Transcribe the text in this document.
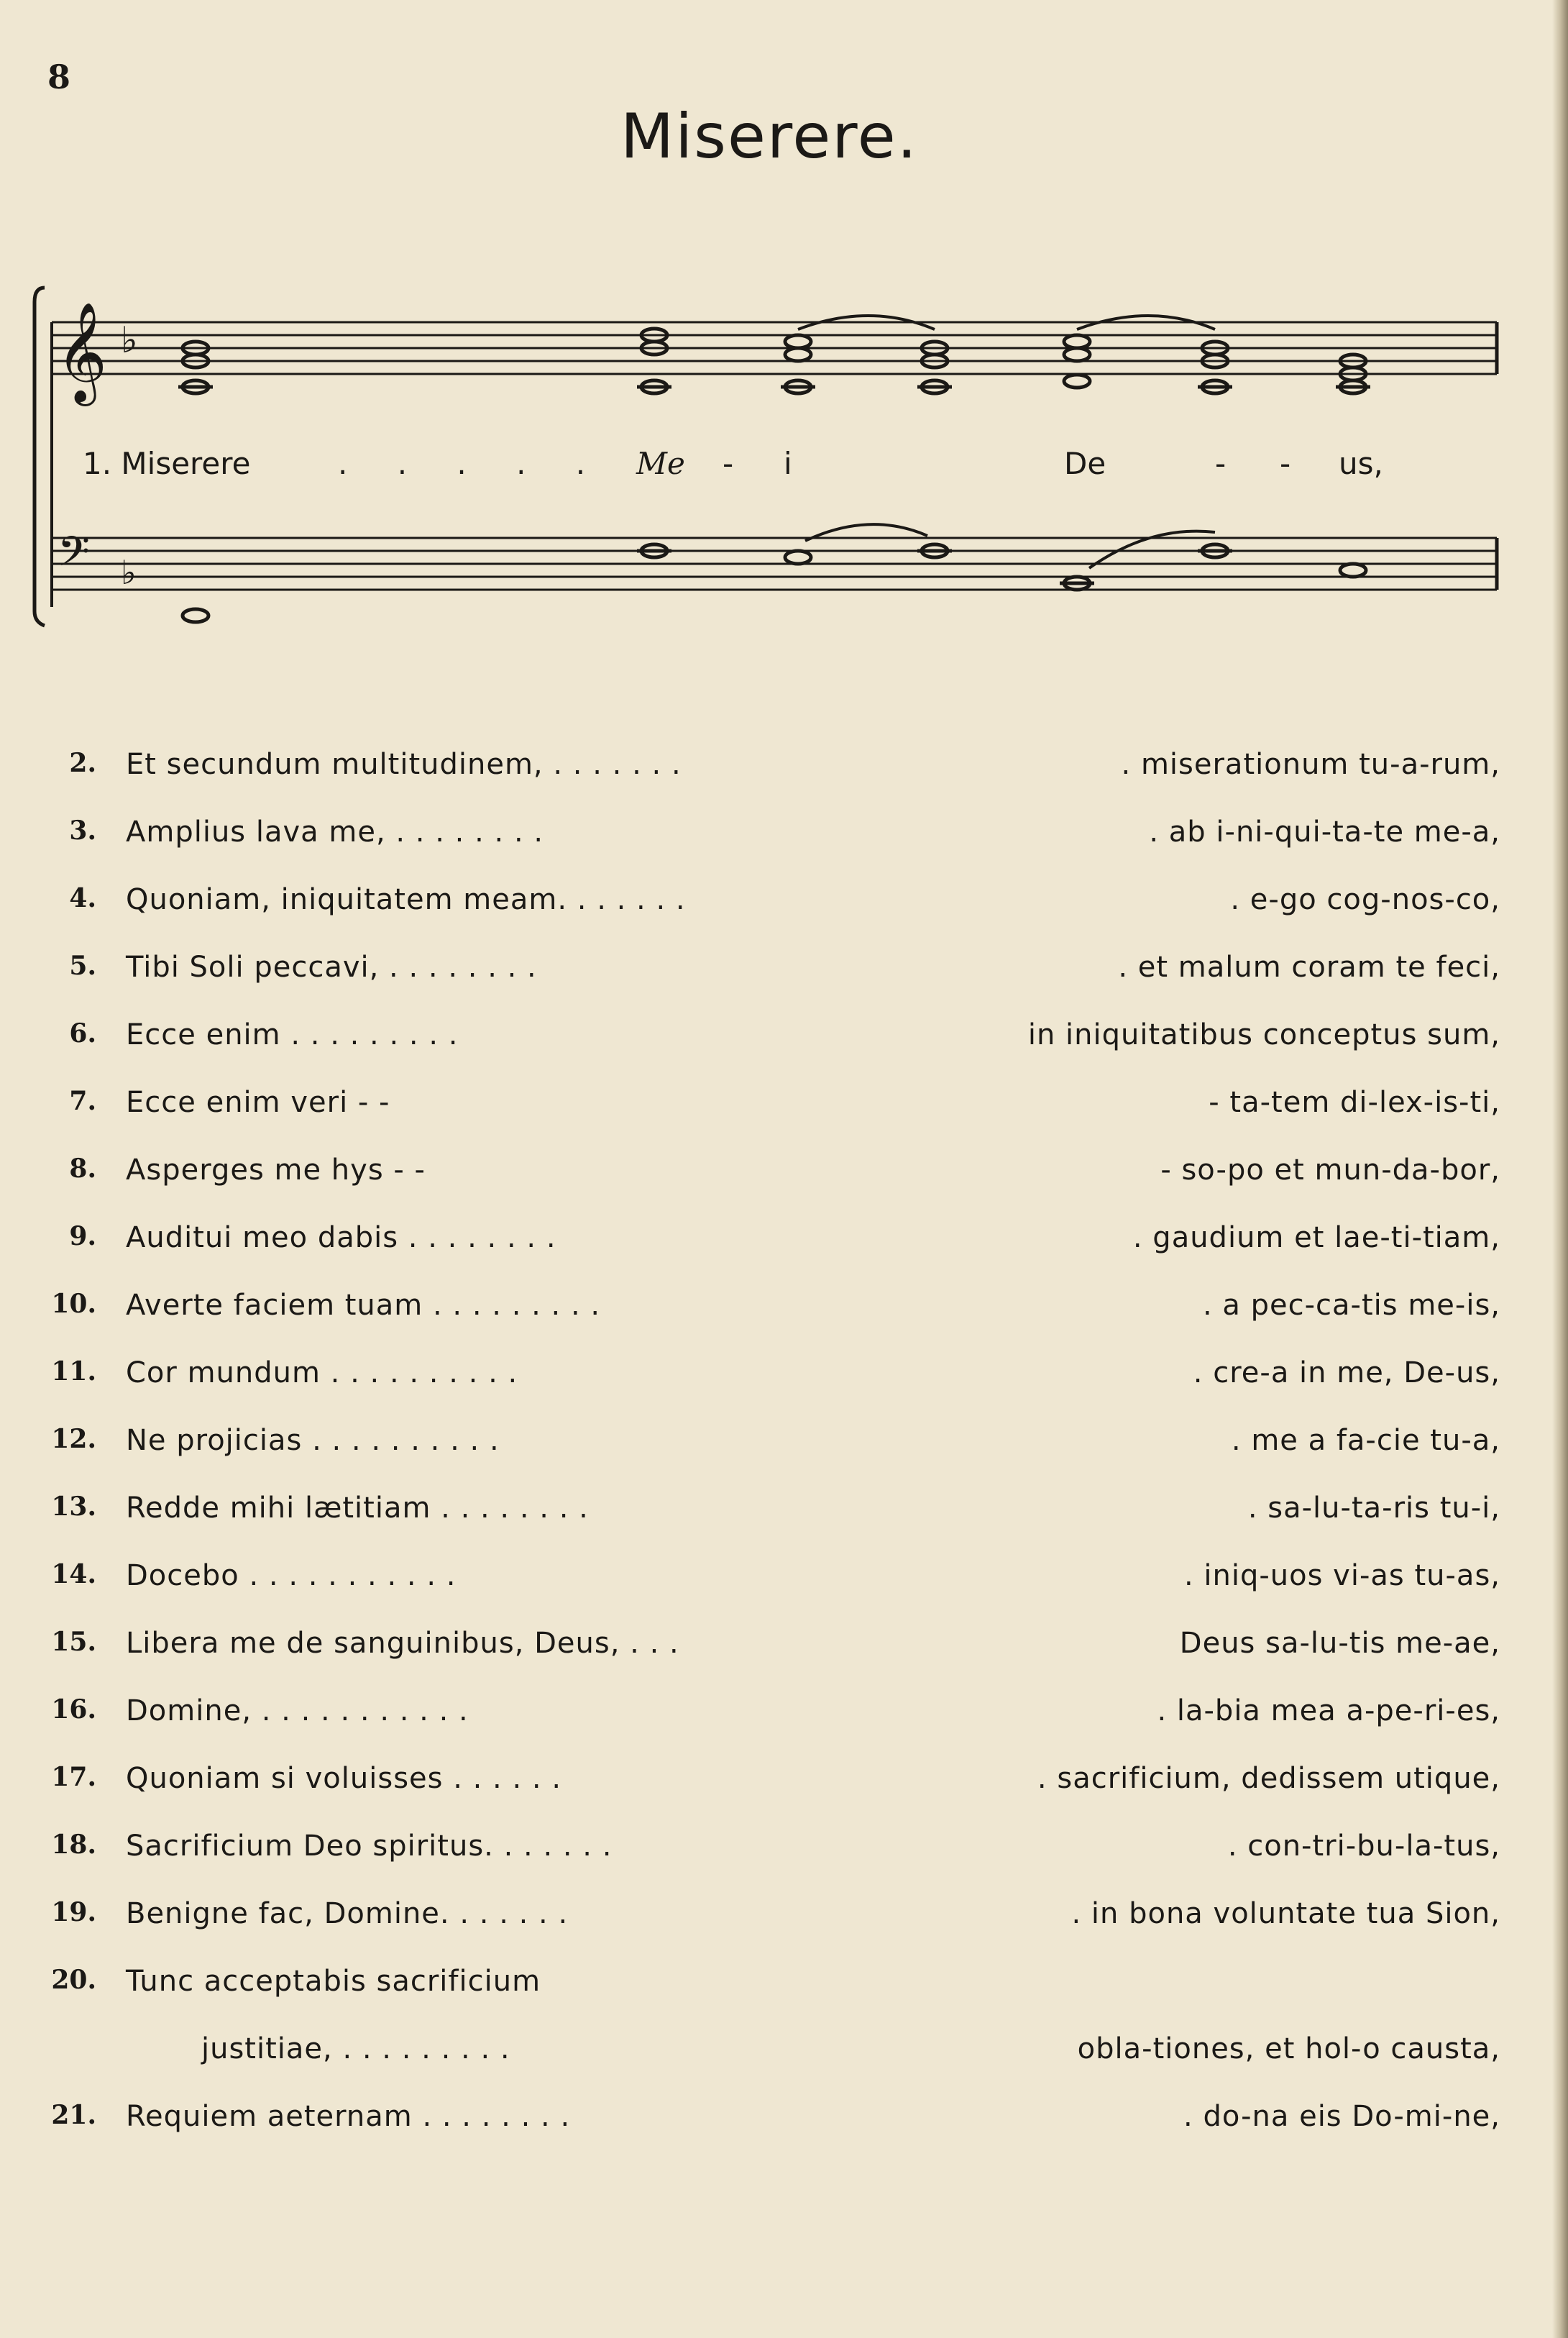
8
Miserere.
𝄞 ♭
𝄢 ♭
1. Miserere	. . . . . Me - i	De	- - us,
2. Et secundum multitudinem, . . . . . . .	. miserationum tu-a-rum,
3. Amplius lava me, . . . . . . . .	. ab i-ni-qui-ta-te me-a,
4. Quoniam, iniquitatem meam. . . . . . .	. e-go cog-nos-co,
5. Tibi Soli peccavi, . . . . . . . .	. et malum coram te feci,
6. Ecce enim . . . . . . . . .	in iniquitatibus conceptus sum,
7. Ecce enim veri - -	- ta-tem di-lex-is-ti,
8. Asperges me hys - -	- so-po et mun-da-bor,
9. Auditui meo dabis . . . . . . . .	. gaudium et lae-ti-tiam,
10. Averte faciem tuam . . . . . . . . .	. a pec-ca-tis me-is,
11. Cor mundum . . . . . . . . . .	. cre-a in me, De-us,
12. Ne projicias . . . . . . . . . .	. me a fa-cie tu-a,
13. Redde mihi lætitiam . . . . . . . .	. sa-lu-ta-ris tu-i,
14. Docebo . . . . . . . . . . .	. iniq-uos vi-as tu-as,
15. Libera me de sanguinibus, Deus, . . .	Deus sa-lu-tis me-ae,
16. Domine, . . . . . . . . . . .	. la-bia mea a-pe-ri-es,
17. Quoniam si voluisses . . . . . .	. sacrificium, dedissem utique,
18. Sacrificium Deo spiritus. . . . . . .	. con-tri-bu-la-tus,
19. Benigne fac, Domine. . . . . . .	. in bona voluntate tua Sion,
20. Tunc acceptabis sacrificium
justitiae, . . . . . . . . .	obla-tiones, et hol-o causta,
21. Requiem aeternam . . . . . . . .	. do-na eis Do-mi-ne,
